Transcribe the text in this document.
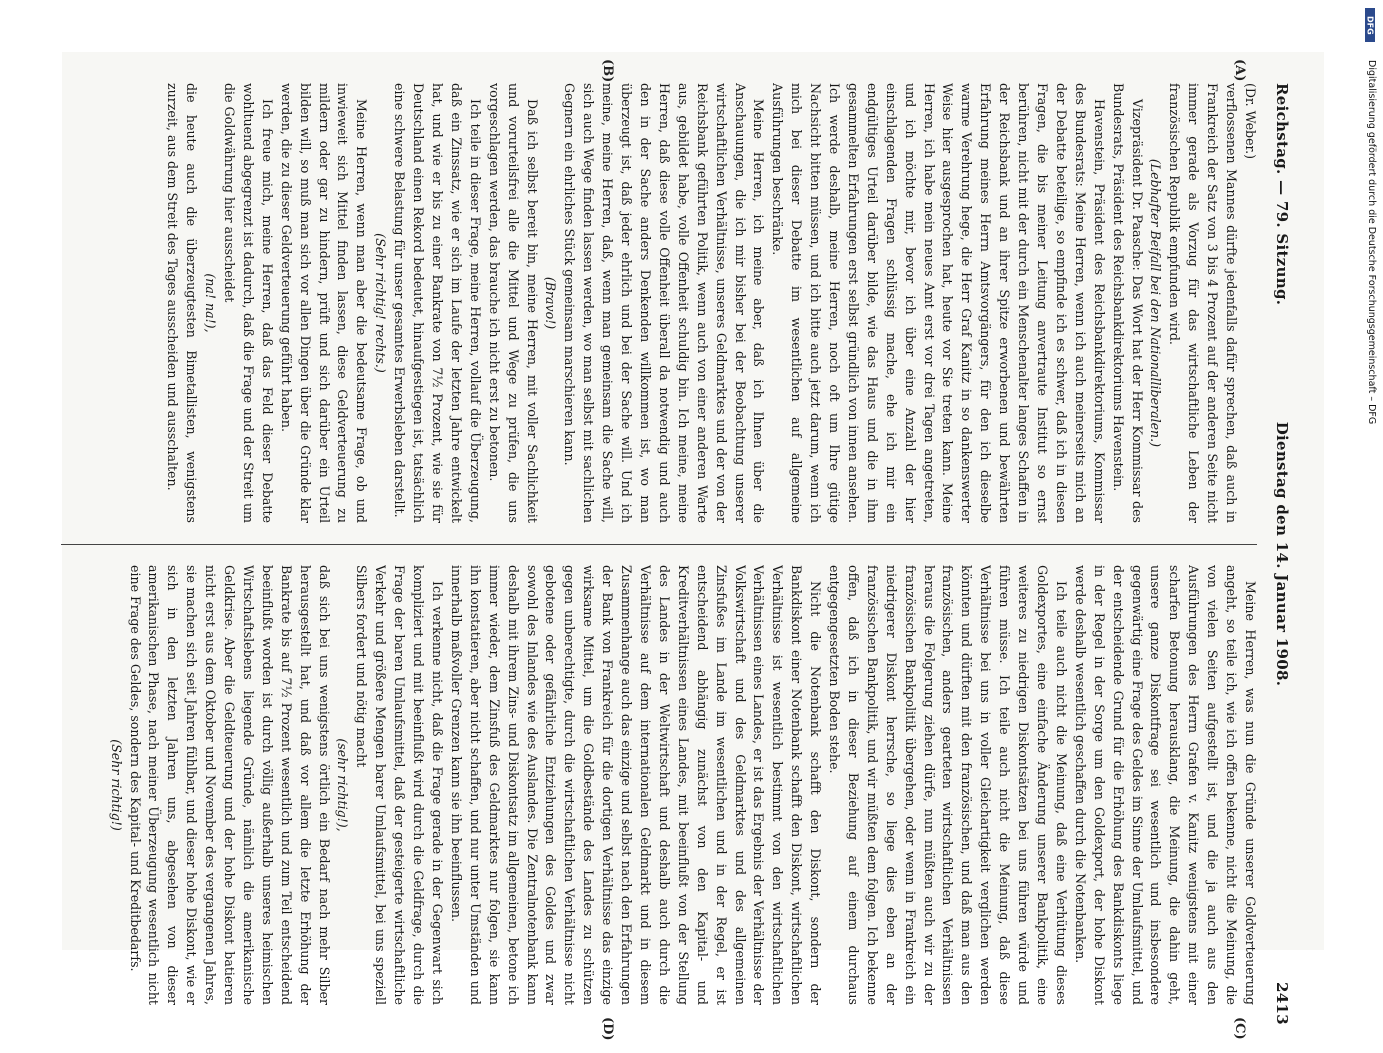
Reichstag. — 79. Sitzung.
Dienstag den 14. Januar 1908.
2413
(A)
(B)
(C)
(D)

(Dr. Weber.)

verflossenen Mannes dürfte jedenfalls dafür sprechen, daß auch in Frankreich der Satz von 3 bis 4 Prozent auf der anderen Seite nicht immer gerade als Vorzug für das wirtschaftliche Leben der französischen Republik empfunden wird.

(Lebhafter Beifall bei den Nationalliberalen.)

Vizepräsident Dr. Paasche: Das Wort hat der Herr Kommissar des Bundesrats, Präsident des Reichsbankdirektoriums Havenstein.

Havenstein, Präsident des Reichsbankdirektoriums, Kommissar des Bundesrats: Meine Herren, wenn ich auch meinerseits mich an der Debatte beteilige, so empfinde ich es schwer, daß ich in diesen Fragen, die bis meiner Leitung anvertraute Institut so ernst berühren, nicht mit der durch ein Menschenalter langes Schaffen in der Reichsbank und an ihrer Spitze erworbenen und bewährten Erfahrung meines Herrn Amtsvorgängers, für den ich dieselbe warme Verehrung hege, die Herr Graf Kanitz in so dankenswerter Weise hier ausgesprochen hat, heute vor Sie treten kann. Meine Herren, ich habe mein neues Amt erst vor drei Tagen angetreten, und ich möchte mir, bevor ich über eine Anzahl der hier einschlagenden Fragen schlüssig mache, ehe ich mir ein endgültiges Urteil darüber bilde, wie das Haus und die in ihm gesammelten Erfahrungen erst selbst gründlich von innen ansehen. Ich werde deshalb, meine Herren, noch oft um Ihre gütige Nachsicht bitten müssen, und ich bitte auch jetzt darum, wenn ich mich bei dieser Debatte im wesentlichen auf allgemeine Ausführungen beschränke.

Meine Herren, ich meine aber, daß ich Ihnen über die Anschauungen, die ich mir bisher bei der Beobachtung unserer wirtschaftlichen Verhältnisse, unseres Geldmarktes und der von der Reichsbank geführten Politik, wenn auch von einer anderen Warte aus, gebildet habe, volle Offenheit schuldig bin. Ich meine, meine Herren, daß diese volle Offenheit überall da notwendig und auch den in der Sache anders Denkenden willkommen ist, wo man überzeugt ist, daß jeder ehrlich und bei der Sache will. Und ich meine, meine Herren, daß, wenn man gemeinsam die Sache will, sich auch Wege finden lassen werden, wo man selbst mit sachlichen Gegnern ein ehrliches Stück gemeinsam marschieren kann.

(Bravo!)

Daß ich selbst bereit bin, meine Herren, mit voller Sachlichkeit und vorurteilsfrei alle die Mittel und Wege zu prüfen, die uns vorgeschlagen werden, das brauche ich nicht erst zu betonen.

Ich teile in dieser Frage, meine Herren, vollauf die Überzeugung, daß ein Zinssatz, wie er sich im Laufe der letzten Jahre entwickelt hat, und wie er bis zu einer Bankrate von 7½ Prozent, wie sie für Deutschland einen Rekord bedeutet, hinaufgestiegen ist, tatsächlich eine schwere Belastung für unser gesamtes Erwerbsleben darstellt.

(Sehr richtig! rechts.)

Meine Herren, wenn man aber die bedeutsame Frage, ob und inwieweit sich Mittel finden lassen, diese Geldverteuerung zu mildern oder gar zu hindern, prüft und sich darüber ein Urteil bilden will, so muß man sich vor allen Dingen über die Gründe klar werden, die zu dieser Geldverteuerung geführt haben.

Ich freue mich, meine Herren, daß das Feld dieser Debatte wohltuend abgegrenzt ist dadurch, daß die Frage und der Streit um die Goldwährung hier ausscheidet

(na! na!),

die heute auch die überzeugtesten Bimetallisten, wenigstens zurzeit, aus dem Streit des Tages ausscheiden und ausschalten.

Meine Herren, was nun die Gründe unserer Goldverteuerung angeht, so teile ich, wie ich offen bekenne, nicht die Meinung, die von vielen Seiten aufgestellt ist, und die ja auch aus den Ausführungen des Herrn Grafen v. Kanitz wenigstens mit einer scharfen Betonung herausklang, die Meinung, die dahin geht, unsere ganze Diskontfrage sei wesentlich und insbesondere gegenwärtig eine Frage des Geldes im Sinne der Umlaufsmittel, und der entscheidende Grund für die Erhöhung des Bankdiskonts liege in der Regel in der Sorge um den Goldexport, der hohe Diskont werde deshalb wesentlich geschaffen durch die Notenbanken.

Ich teile auch nicht die Meinung, daß eine Verhütung dieses Goldexportes, eine einfache Änderung unserer Bankpolitik, eine weiteres zu niedrigen Diskontsätzen bei uns führen würde und führen müsse. Ich teile auch nicht die Meinung, daß diese Verhältnisse bei uns in voller Gleichartigkeit verglichen werden könnten und dürften mit den französischen, und daß man aus den französischen, anders gearteten wirtschaftlichen Verhältnissen heraus die Folgerung ziehen dürfe, nun müßten auch wir zu der französischen Bankpolitik übergehen, oder wenn in Frankreich ein niedrigerer Diskont herrsche, so liege dies eben an der französischen Bankpolitik, und wir müßten dem folgen. Ich bekenne offen, daß ich in dieser Beziehung auf einem durchaus entgegengesetzten Boden stehe.

Nicht die Notenbank schafft den Diskont, sondern der Bankdiskont einer Notenbank schafft den Diskont, wirtschaftlichen Verhältnisse ist wesentlich bestimmt von den wirtschaftlichen Verhältnissen eines Landes, er ist das Ergebnis der Verhältnisse der Volkswirtschaft und des Geldmarktes und des allgemeinen Zinsfußes im Lande im wesentlichen und in der Regel, er ist entscheidend abhängig zunächst von den Kapital- und Kreditverhältnissen eines Landes, mit beeinflußt von der Stellung des Landes in der Weltwirtschaft und deshalb auch durch die Verhältnisse auf dem internationalen Geldmarkt und in diesem Zusammenhange auch das einzige und selbst nach den Erfahrungen der Bank von Frankreich für die dortigen Verhältnisse das einzige wirksame Mittel, um die Goldbestände des Landes zu schützen gegen unberechtigte, durch die wirtschaftlichen Verhältnisse nicht gebotene oder gefährliche Entziehungen des Goldes und zwar sowohl des Inlandes wie des Auslandes. Die Zentralnotenbank kann deshalb mit ihrem Zins- und Diskontsatz im allgemeinen, betone ich immer wieder, dem Zinsfuß des Geldmarktes nur folgen, sie kann ihn konstatieren, aber nicht schaffen, und nur unter Umständen und innerhalb maßvoller Grenzen kann sie ihn beeinflussen.

Ich verkenne nicht, daß die Frage gerade in der Gegenwart sich kompliziert und mit beeinflußt wird durch die Geldfrage, durch die Frage der baren Umlaufsmittel, daß der gesteigerte wirtschaftliche Verkehr und größere Mengen barer Umlaufsmittel, bei uns speziell Silbers fordert und nötig macht

(sehr richtig!),

daß sich bei uns wenigstens örtlich ein Bedarf nach mehr Silber herausgestellt hat, und daß vor allem die letzte Erhöhung der Bankrate bis auf 7½ Prozent wesentlich und zum Teil entscheidend beeinflußt worden ist durch völlig außerhalb unseres heimischen Wirtschaftslebens liegende Gründe, nämlich die amerikanische Geldkrise. Aber die Geldteuerung und der hohe Diskont batieren nicht erst aus dem Oktober und November des vergangenen Jahres, sie machen sich seit Jahren fühlbar, und dieser hohe Diskont, wie er sich in den letzten Jahren uns, abgesehen von dieser amerikanischen Phase, nach meiner Überzeugung wesentlich nicht eine Frage des Geldes, sondern des Kapital- und Kreditbedarfs.

(Sehr richtig!)

DFG
Digitalisierung gefördert durch die Deutsche Forschungsgemeinschaft – DFG
